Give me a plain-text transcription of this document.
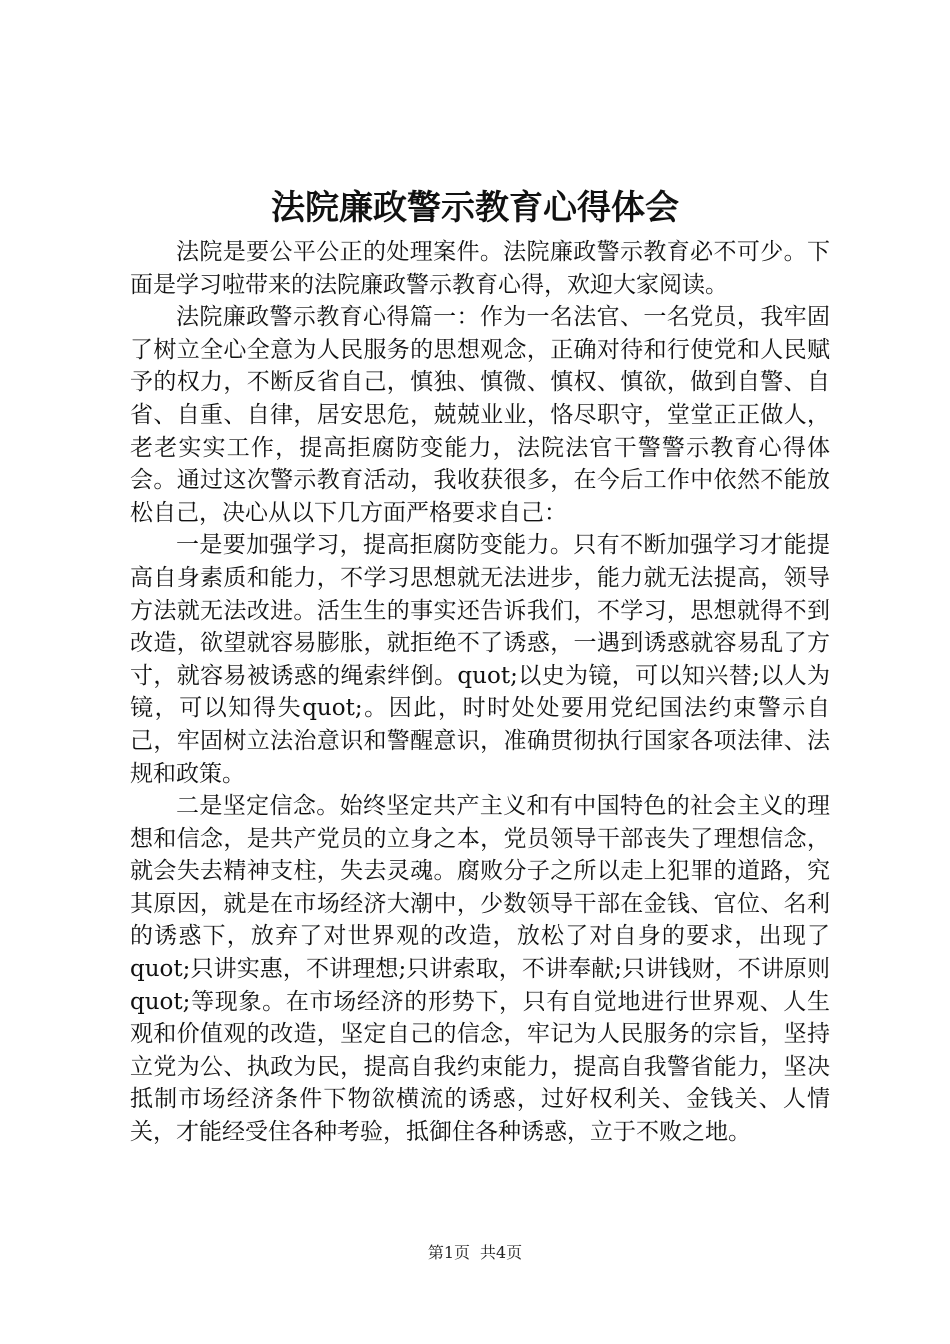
法院廉政警示教育心得体会

法院是要公平公正的处理案件。法院廉政警示教育必不可少。下面是学习啦带来的法院廉政警示教育心得，欢迎大家阅读。

法院廉政警示教育心得篇一：作为一名法官、一名党员，我牢固了树立全心全意为人民服务的思想观念，正确对待和行使党和人民赋予的权力，不断反省自己，慎独、慎微、慎权、慎欲，做到自警、自省、自重、自律，居安思危，兢兢业业，恪尽职守，堂堂正正做人，老老实实工作，提高拒腐防变能力，法院法官干警警示教育心得体会。通过这次警示教育活动，我收获很多，在今后工作中依然不能放松自己，决心从以下几方面严格要求自己：

一是要加强学习，提高拒腐防变能力。只有不断加强学习才能提高自身素质和能力，不学习思想就无法进步，能力就无法提高，领导方法就无法改进。活生生的事实还告诉我们，不学习，思想就得不到改造，欲望就容易膨胀，就拒绝不了诱惑，一遇到诱惑就容易乱了方寸，就容易被诱惑的绳索绊倒。quot;以史为镜，可以知兴替;以人为镜，可以知得失quot;。因此，时时处处要用党纪国法约束警示自己，牢固树立法治意识和警醒意识，准确贯彻执行国家各项法律、法规和政策。

二是坚定信念。始终坚定共产主义和有中国特色的社会主义的理想和信念，是共产党员的立身之本，党员领导干部丧失了理想信念，就会失去精神支柱，失去灵魂。腐败分子之所以走上犯罪的道路，究其原因，就是在市场经济大潮中，少数领导干部在金钱、官位、名利的诱惑下，放弃了对世界观的改造，放松了对自身的要求，出现了quot;只讲实惠，不讲理想;只讲索取，不讲奉献;只讲钱财，不讲原则quot;等现象。在市场经济的形势下，只有自觉地进行世界观、人生观和价值观的改造，坚定自己的信念，牢记为人民服务的宗旨，坚持立党为公、执政为民，提高自我约束能力，提高自我警省能力，坚决抵制市场经济条件下物欲横流的诱惑，过好权利关、金钱关、人情关，才能经受住各种考验，抵御住各种诱惑，立于不败之地。

第1页 共4页
